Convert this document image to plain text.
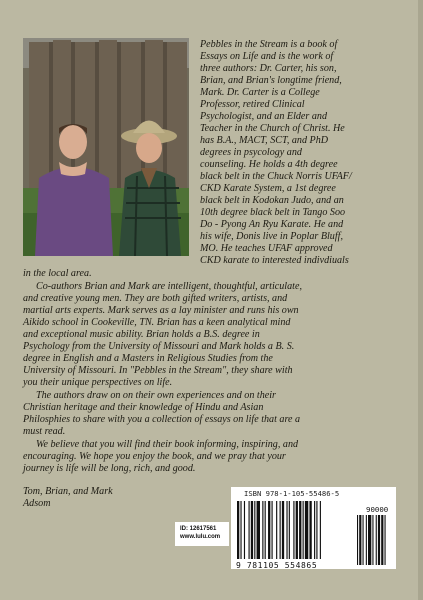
Pebbles in the Stream is a book of
Essays on Life and is the work of
three authors: Dr. Carter, his son,
Brian, and Brian's longtime friend,
Mark. Dr. Carter is a College
Professor, retired Clinical
Psychologist, and an Elder and
Teacher in the Church of Christ. He
has B.A., MACT, SCT, and PhD
degrees in psycology and
counseling. He holds a 4th degree
black belt in the Chuck Norris UFAF/
CKD Karate System, a 1st degree
black belt in Kodokan Judo, and an
10th degree black belt in Tango Soo
Do - Pyong An Ryu Karate. He and
his wife, Donis live in Poplar Bluff,
MO. He teaches UFAF approved
CKD karate to interested indivdiuals
in the local area.
Co-authors Brian and Mark are intelligent, thoughtful, articulate,
and creative young men. They are both gifted writers, artists, and
martial arts experts. Mark serves as a lay minister and runs his own
Aikido school in Cookeville, TN. Brian has a keen analytical mind
and exceptional music ability. Brian holds a B.S. degree in
Psychology from the University of Missouri and Mark holds a B. S.
degree in English and a Masters in Religious Studies from the
University of Missouri. In "Pebbles in the Stream", they share with
you their unique perspectives on life.
The authors draw on on their own experiences and on their
Christian heritage and their knowledge of Hindu and Asian
Philosphies to share with you a collection of essays on life that are a
must read.
We believe that you will find their book informing, inspiring, and
encouraging. We hope you enjoy the book, and we pray that your
journey is life will be long, rich, and good.
Tom, Brian, and Mark
Adsom
ID: 12617561
www.lulu.com
ISBN 978-1-105-55486-5
90000
9 781105 554865
